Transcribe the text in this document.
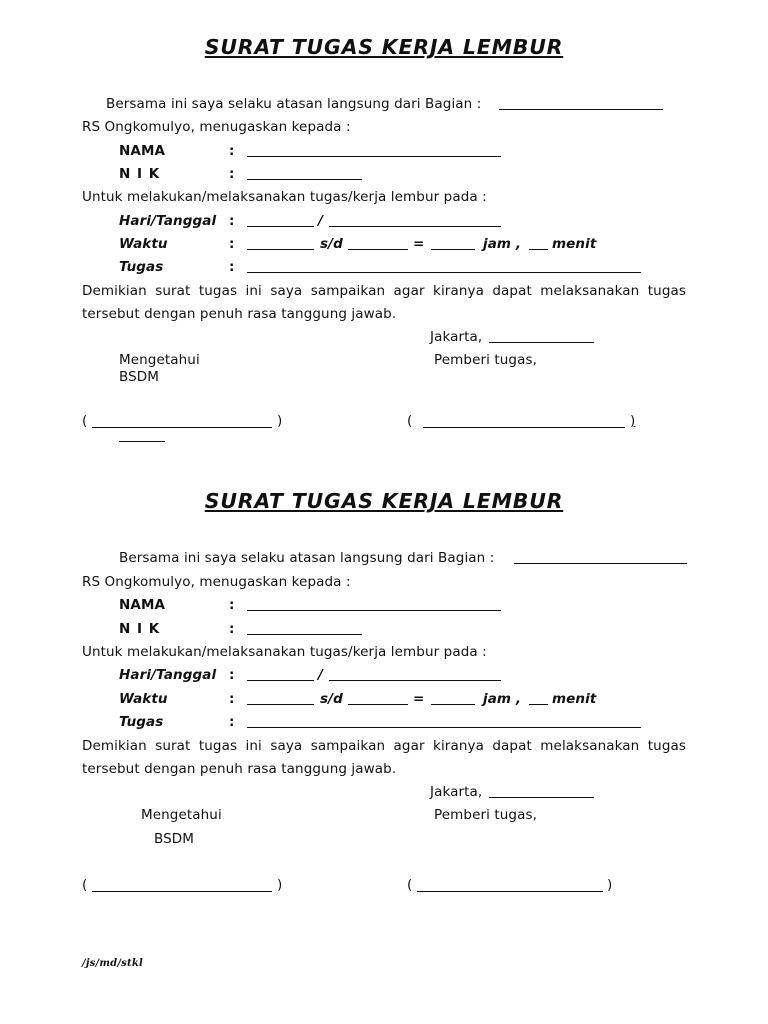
SURAT TUGAS KERJA LEMBUR
Bersama ini saya selaku atasan langsung dari Bagian :
RS Ongkomulyo, menugaskan kepada :
NAMA	:
N I K	:
Untuk melakukan/melaksanakan tugas/kerja lembur pada :
Hari/Tanggal :	/
Waktu	:	s/d	=	jam , menit
Tugas	:
Demikian surat tugas ini saya sampaikan agar kiranya dapat melaksanakan tugas
tersebut dengan penuh rasa tanggung jawab.
Jakarta,
Mengetahui	Pemberi tugas,
BSDM
(	)	(	)
SURAT TUGAS KERJA LEMBUR
Bersama ini saya selaku atasan langsung dari Bagian :
RS Ongkomulyo, menugaskan kepada :
NAMA	:
N I K	:
Untuk melakukan/melaksanakan tugas/kerja lembur pada :
Hari/Tanggal :	/
Waktu	:	s/d	=	jam , menit
Tugas	:
Demikian surat tugas ini saya sampaikan agar kiranya dapat melaksanakan tugas
tersebut dengan penuh rasa tanggung jawab.
Jakarta,
Mengetahui	Pemberi tugas,
BSDM
(	)	(	)
/js/md/stkl
